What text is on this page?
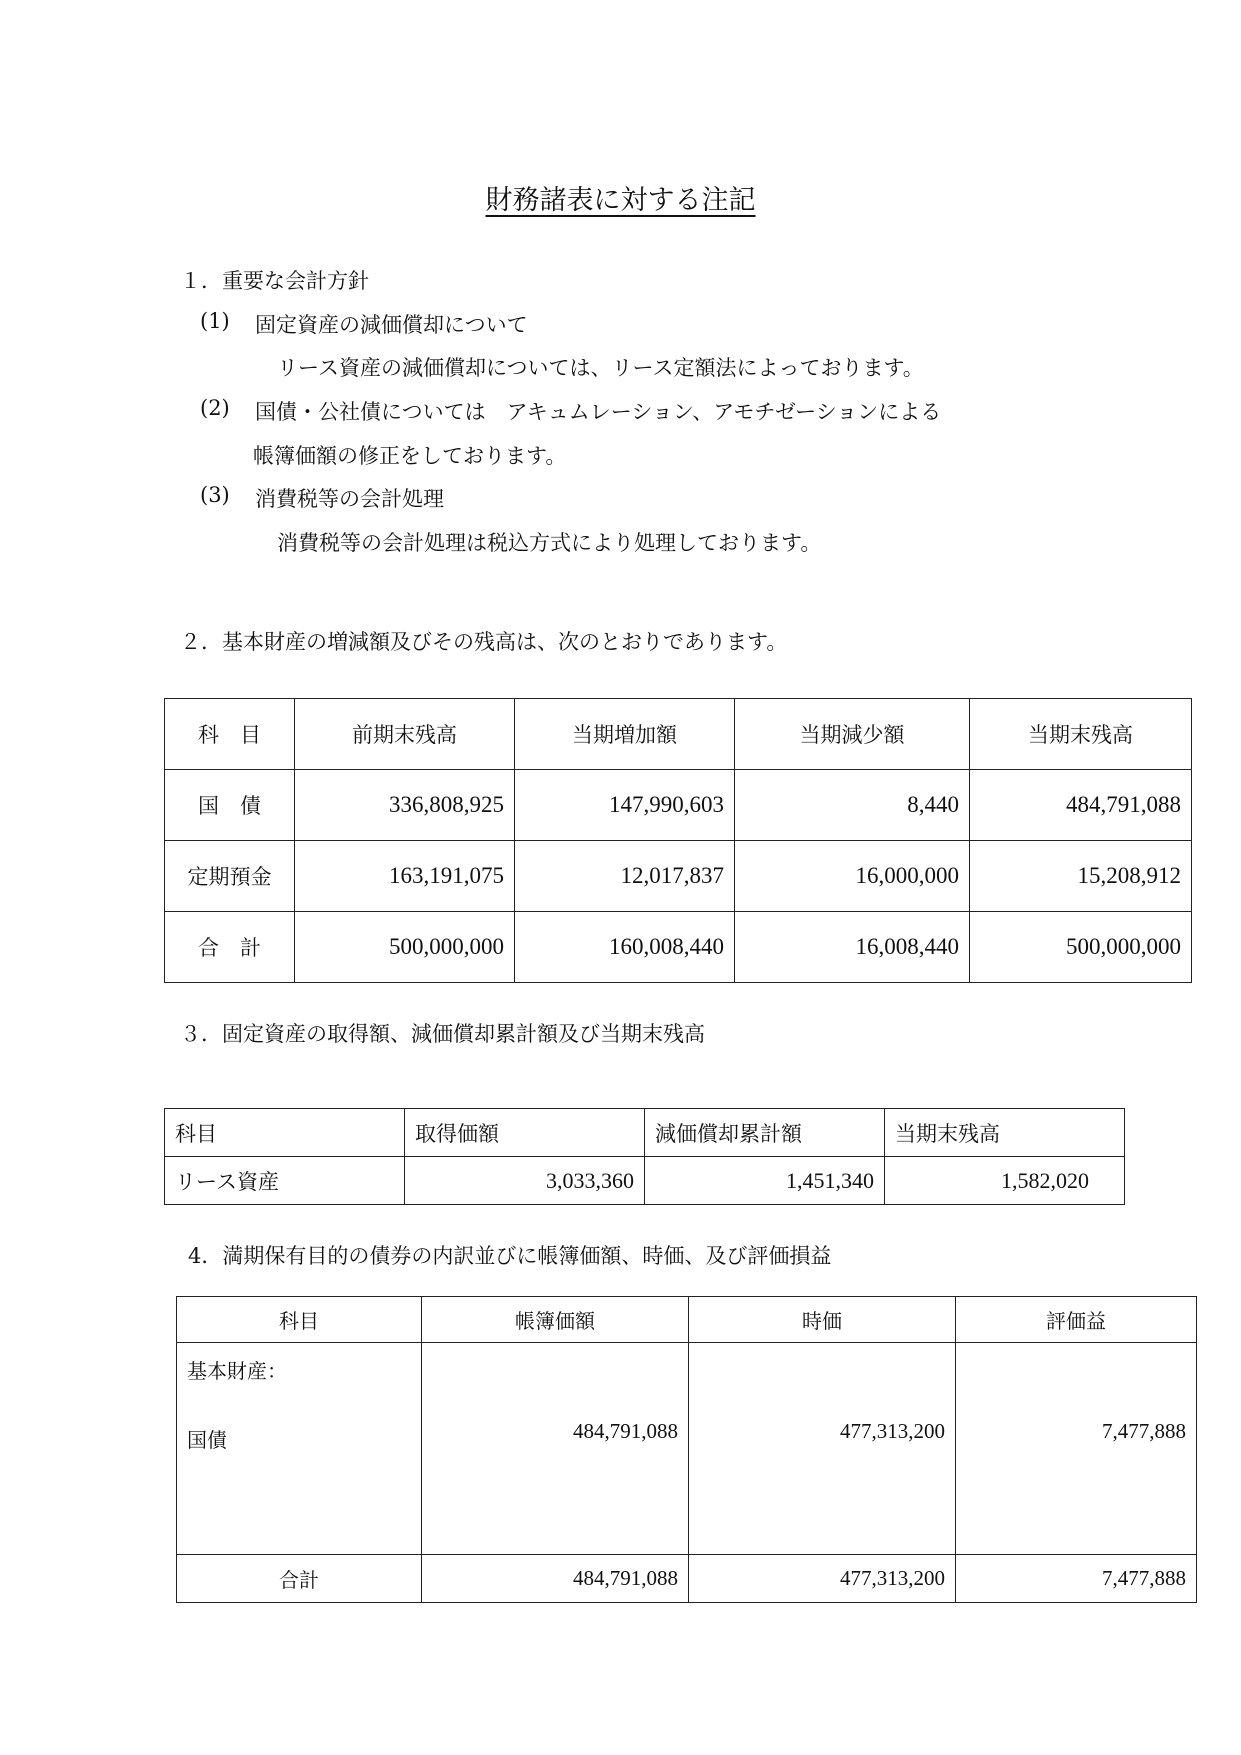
財務諸表に対する注記
１．重要な会計方針
(1) 固定資産の減価償却について
リース資産の減価償却については、リース定額法によっております。
(2) 国債・公社債については　アキュムレーション、アモチゼーションによる
帳簿価額の修正をしております。
(3) 消費税等の会計処理
消費税等の会計処理は税込方式により処理しております。
２．基本財産の増減額及びその残高は、次のとおりであります。
科　目	前期末残高	当期増加額	当期減少額	当期末残高
国　債	336,808,925	147,990,603	8,440	484,791,088
定期預金	163,191,075	12,017,837	16,000,000	15,208,912
合　計	500,000,000	160,008,440	16,008,440	500,000,000
３．固定資産の取得額、減価償却累計額及び当期末残高
科目	取得価額	減価償却累計額	当期末残高
リース資産	3,033,360	1,451,340	1,582,020
4．満期保有目的の債券の内訳並びに帳簿価額、時価、及び評価損益
科目	帳簿価額	時価	評価益

基本財産：
国債	484,791,088	477,313,200	7,477,888
合計	484,791,088	477,313,200	7,477,888
